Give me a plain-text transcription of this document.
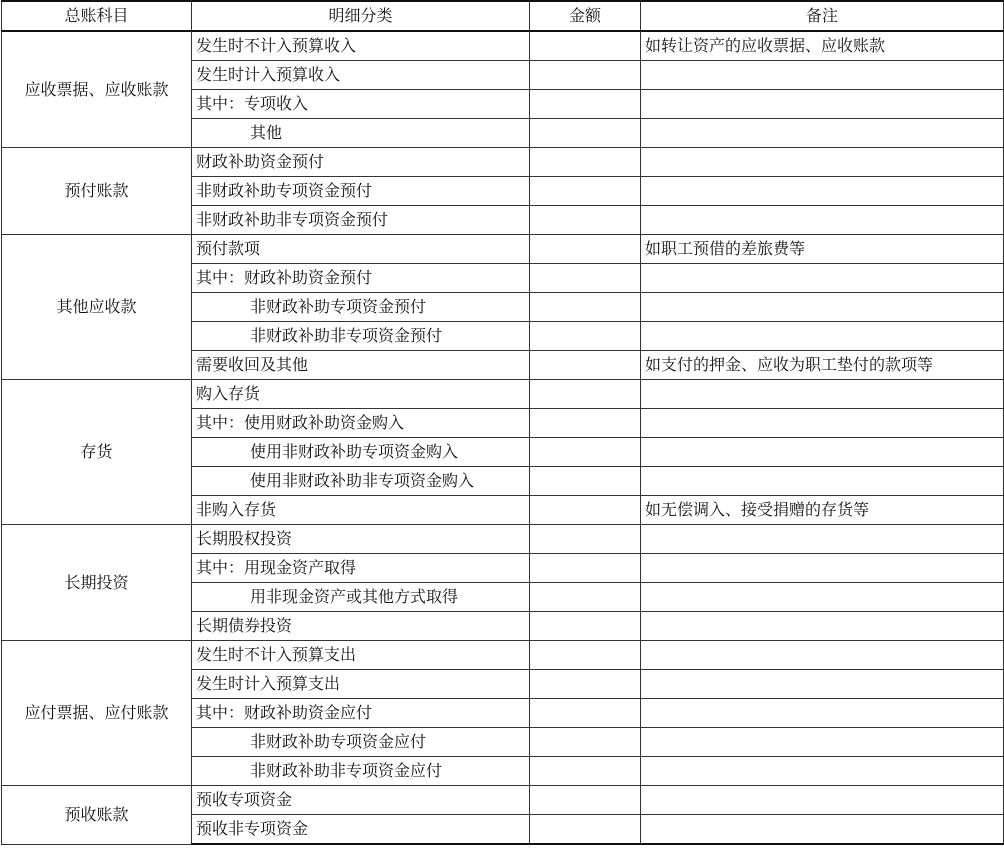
总账科目	明细分类	金额	备注
应收票据、应收账款	发生时不计入预算收入		如转让资产的应收票据、应收账款
	发生时计入预算收入		
	其中：专项收入		
	其他		
预付账款	财政补助资金预付		
	非财政补助专项资金预付		
	非财政补助非专项资金预付		
其他应收款	预付款项		如职工预借的差旅费等
	其中：财政补助资金预付		
	非财政补助专项资金预付		
	非财政补助非专项资金预付		
	需要收回及其他		如支付的押金、应收为职工垫付的款项等
存货	购入存货		
	其中：使用财政补助资金购入		
	使用非财政补助专项资金购入		
	使用非财政补助非专项资金购入		
	非购入存货		如无偿调入、接受捐赠的存货等
长期投资	长期股权投资		
	其中：用现金资产取得		
	用非现金资产或其他方式取得		
	长期债券投资		
应付票据、应付账款	发生时不计入预算支出		
	发生时计入预算支出		
	其中：财政补助资金应付		
	非财政补助专项资金应付		
	非财政补助非专项资金应付		
预收账款	预收专项资金		
	预收非专项资金		
